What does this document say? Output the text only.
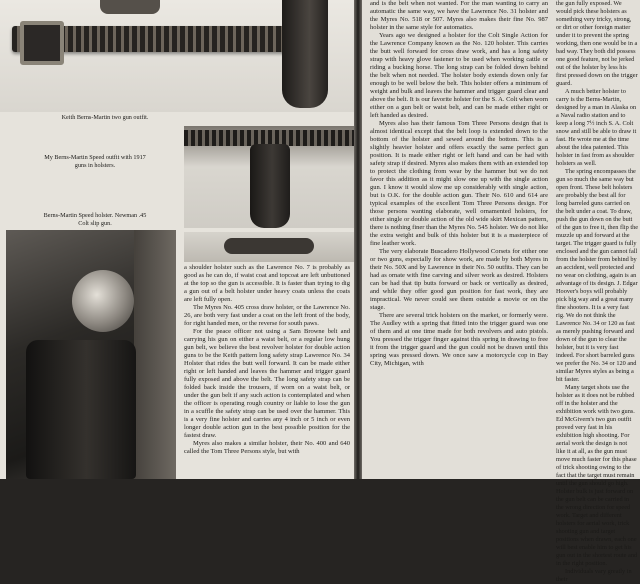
Keith Berns-Martin two gun outfit.

My Berns-Martin Speed outfit with 1917
guns in holsters.

Berns-Martin Speed holster. Newman .45
Colt slip gun.

a shoulder holster such as the Lawrence No. 7 is probably as good as he can do, if waist coat and topcoat are left unbuttoned at the top so the gun is accessible. It is faster than trying to dig a gun out of a belt holster under heavy coats unless the coats are left fully open.

The Myres No. 405 cross draw holster, or the Lawrence No. 26, are both very fast under a coat on the left front of the body, for right handed men, or the reverse for south paws.

For the peace officer not using a Sam Browne belt and carrying his gun on either a waist belt, or a regular low hung gun belt, we believe the best revolver holster for double action guns to be the Keith pattern long safety strap Lawrence No. 34 Holster that rides the butt well forward. It can be made either right or left handed and leaves the hammer and trigger guard fully exposed and above the belt. The long safety strap can be folded back inside the trousers, if worn on a waist belt, or under the gun belt if any such action is contemplated and when the officer is operating rough country or liable to lose the gun in a scuffle the safety strap can be used over the hammer. This is a very fine holster and carries any 4 inch or 5 inch or even longer double action gun in the best possible position for the fastest draw.

Myres also makes a similar holster, their No. 400 and 640 called the Tom Three Persons style, but with

and is the belt when not wanted. For the man wanting to carry an automatic the same way, we have the Lawrence No. 31 holster and the Myres No. 518 or 507. Myres also makes their fine No. 987 holster in the same style for automatics.

Years ago we designed a holster for the Colt Single Action for the Lawrence Company known as the No. 120 holster. This carries the butt well forward for cross draw work, and has a long safety strap with heavy glove fastener to be used when working cattle or riding a bucking horse. The long strap can be folded down behind the belt when not needed. The holster body extends down only far enough to be well below the belt. This holster offers a minimum of weight and bulk and leaves the hammer and trigger guard clear and above the belt. It is our favorite holster for the S. A. Colt when worn either on a gun belt or waist belt, and can be made either right or left handed as desired.

Myres also has their famous Tom Three Persons design that is almost identical except that the belt loop is extended down to the bottom of the holster and sewed around the bottom. This is a slightly heavier holster and offers exactly the same perfect gun position. It is made either right or left hand and can be had with safety strap if desired. Myres also makes them with an extended top to protect the clothing from wear by the hammer but we do not favor this addition as it might slow one up with the single action gun. I know it would slow me up considerably with single action, but is O.K. for the double action gun. Their No. 610 and 614 are typical examples of the excellent Tom Three Persons design. For those persons wanting elaborate, well ornamented holsters, for either single or double action of the old wide skirt Mexican pattern, there is nothing finer than the Myres No. 545 holster. We do not like the extra weight and bulk of this holster but it is a masterpiece of fine leather work.

The very elaborate Buscadero Hollywood Corsets for either one or two guns, especially for show work, are made by both Myres in their No. 50X and by Lawrence in their No. 50 outfits. They can be had as ornate with fine carving and silver work as desired. Holsters can be had that tip butts forward or back or vertically as desired, and while they offer good gun position for fast work, they are impractical. We never could see them outside a movie or on the stage.

There are several trick holsters on the market, or formerly were. The Audley with a spring that fitted into the trigger guard was one of them and at one time made for both revolvers and auto pistols. You pressed the trigger finger against this spring in drawing to free it from the trigger guard and the gun could not be drawn until this spring was pressed down. We once saw a motorcycle cop in Bay City, Michigan, with

the gun fully exposed. We would pick these holsters as something very tricky, strong, or dirt or other foreign matter under it to prevent the spring working, then one would be in a bad way. They both did possess one good feature, not be jerked out of the holster by less his first pressed down on the trigger guard.

A much better holster to carry is the Berns-Martin, designed by a man in Alaska on a Naval radio station and to keep a long 7½ inch S. A. Colt snow and still be able to draw it fast. He wrote me at the time about the idea patented. This holster in fast from as shoulder holsters as well.

The spring encompasses the gun so much the same way but open front. These belt holsters are probably the best all for long barreled guns carried on the belt under a coat. To draw, push the gun down on the butt of the gun to free it, then flip the muzzle up and forward at the target. The trigger guard is fully enclosed and the gun cannot fall from the holster from behind by an accident, well protected and no wear on clothing, again is an advantage of its design. J. Edgar Hoover's boys will probably pick big way and a great many fine shooters. It is a very fast rig. We do not think the Lawrence No. 34 or 120 as fast as merely pushing forward and down of the gun to clear the holster, but it is very fast indeed. For short barreled guns we prefer the No. 34 or 120 and similar Myres styles as being a bit faster.

Many target shots use the holster as it does not be rubbed off in the holster and the exhibition work with two guns. Ed McGivern's two gun outfit proved very fast in his exhibition high shooting. For aerial work the design is not like it at all, as the gun must move much faster for this phase of trick shooting owing to the fact that the target must remain until the gun should go high. Holster bulk is just forward on the gun belt can be carried in the wrong direction for speed work. Target and different holsters for aerial work, trick shooting gun and target positions when drawn, each one will best enable him to get his gun out in the shortest route and in the right position.

Individuals vary greatly in their
